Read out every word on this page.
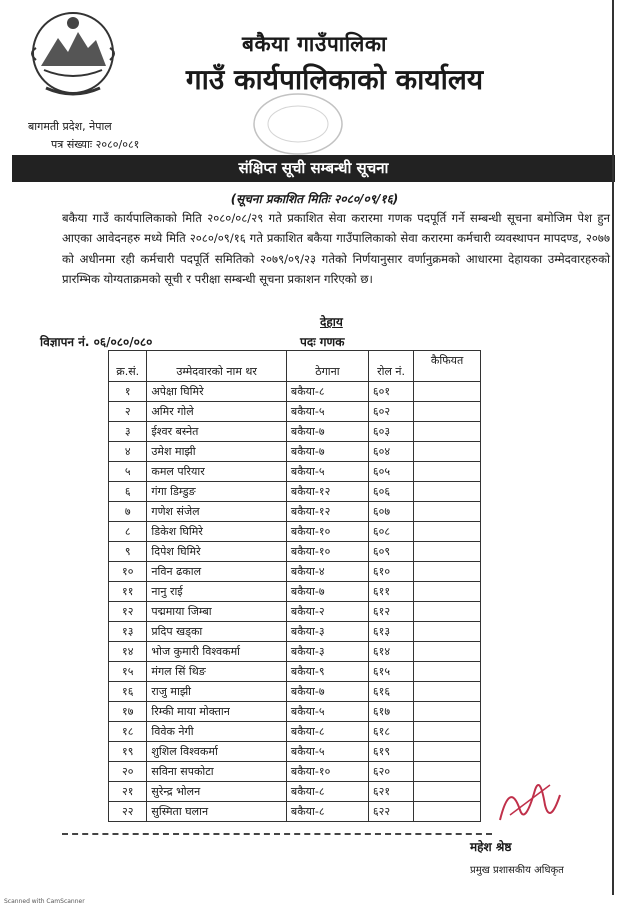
बकैया गाउँपालिका
गाउँ कार्यपालिकाको कार्यालय
बागमती प्रदेश, नेपाल
पत्र संख्याः २०८०/०८१
संक्षिप्त सूची सम्बन्धी सूचना
(सूचना प्रकाशित मितिः २०८०/०९/१६)
बकैया गाउँ कार्यपालिकाको मिति २०८०/०८/२९ गते प्रकाशित सेवा करारमा गणक पदपूर्ति गर्ने सम्बन्धी सूचना बमोजिम पेश हुन आएका आवेदनहरु मध्ये मिति २०८०/०९/१६ गते प्रकाशित बकैया गाउँपालिकाको सेवा करारमा कर्मचारी व्यवस्थापन मापदण्ड, २०७७ को अधीनमा रही कर्मचारी पदपूर्ति समितिको २०७९/०९/२३ गतेको निर्णयानुसार वर्णानुक्रमको आधारमा देहायका उम्मेदवारहरुको प्रारम्भिक योग्यताक्रमको सूची र परीक्षा सम्बन्धी सूचना प्रकाशन गरिएको छ।
देहाय
विज्ञापन नं. ०६/०८०/०८०	पदः गणक
क्र.सं.	उम्मेदवारको नाम थर	ठेगाना	रोल नं.	कैफियत
१	अपेक्षा घिमिरे	बकैया-८	६०१	
२	अमिर गोले	बकैया-५	६०२	
३	ईश्वर बस्नेत	बकैया-७	६०३	
४	उमेश माझी	बकैया-७	६०४	
५	कमल परियार	बकैया-५	६०५	
६	गंगा डिम्डुङ	बकैया-१२	६०६	
७	गणेश संजेल	बकैया-१२	६०७	
८	डिकेश घिमिरे	बकैया-१०	६०८	
९	दिपेश घिमिरे	बकैया-१०	६०९	
१०	नविन ढकाल	बकैया-४	६१०	
११	नानु राई	बकैया-७	६११	
१२	पद्ममाया जिम्बा	बकैया-२	६१२	
१३	प्रदिप खड्का	बकैया-३	६१३	
१४	भोज कुमारी विश्वकर्मा	बकैया-३	६१४	
१५	मंगल सिं थिङ	बकैया-९	६१५	
१६	राजु माझी	बकैया-७	६१६	
१७	रिम्की माया मोक्तान	बकैया-५	६१७	
१८	विवेक नेगी	बकैया-८	६१८	
१९	शुशिल विश्वकर्मा	बकैया-५	६१९	
२०	सविना सपकोटा	बकैया-१०	६२०	
२१	सुरेन्द्र भोलन	बकैया-८	६२१	
२२	सुस्मिता घलान	बकैया-८	६२२	
महेश श्रेष्ठ
प्रमुख प्रशासकीय अधिकृत
Scanned with CamScanner
